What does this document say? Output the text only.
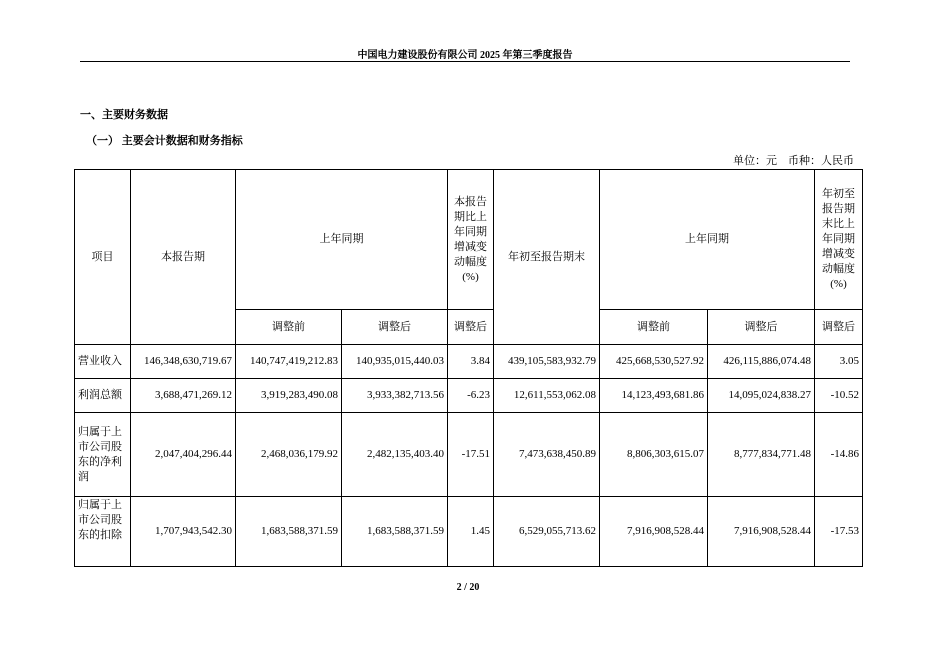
中国电力建设股份有限公司 2025 年第三季度报告
一、主要财务数据
（一） 主要会计数据和财务指标
单位：元    币种：人民币
项目	本报告期	上年同期		本报告期比上年同期增减变动幅度(%)	年初至报告期末	上年同期		年初至报告期末比上年同期增减变动幅度(%)
		调整前	调整后	调整后		调整前	调整后	调整后
营业收入	146,348,630,719.67	140,747,419,212.83	140,935,015,440.03	3.84	439,105,583,932.79	425,668,530,527.92	426,115,886,074.48	3.05
利润总额	3,688,471,269.12	3,919,283,490.08	3,933,382,713.56	-6.23	12,611,553,062.08	14,123,493,681.86	14,095,024,838.27	-10.52
归属于上市公司股东的净利润	2,047,404,296.44	2,468,036,179.92	2,482,135,403.40	-17.51	7,473,638,450.89	8,806,303,615.07	8,777,834,771.48	-14.86

归属于上市公司股东的扣除	1,707,943,542.30	1,683,588,371.59	1,683,588,371.59	1.45	6,529,055,713.62	7,916,908,528.44	7,916,908,528.44	-17.53
2 / 20
